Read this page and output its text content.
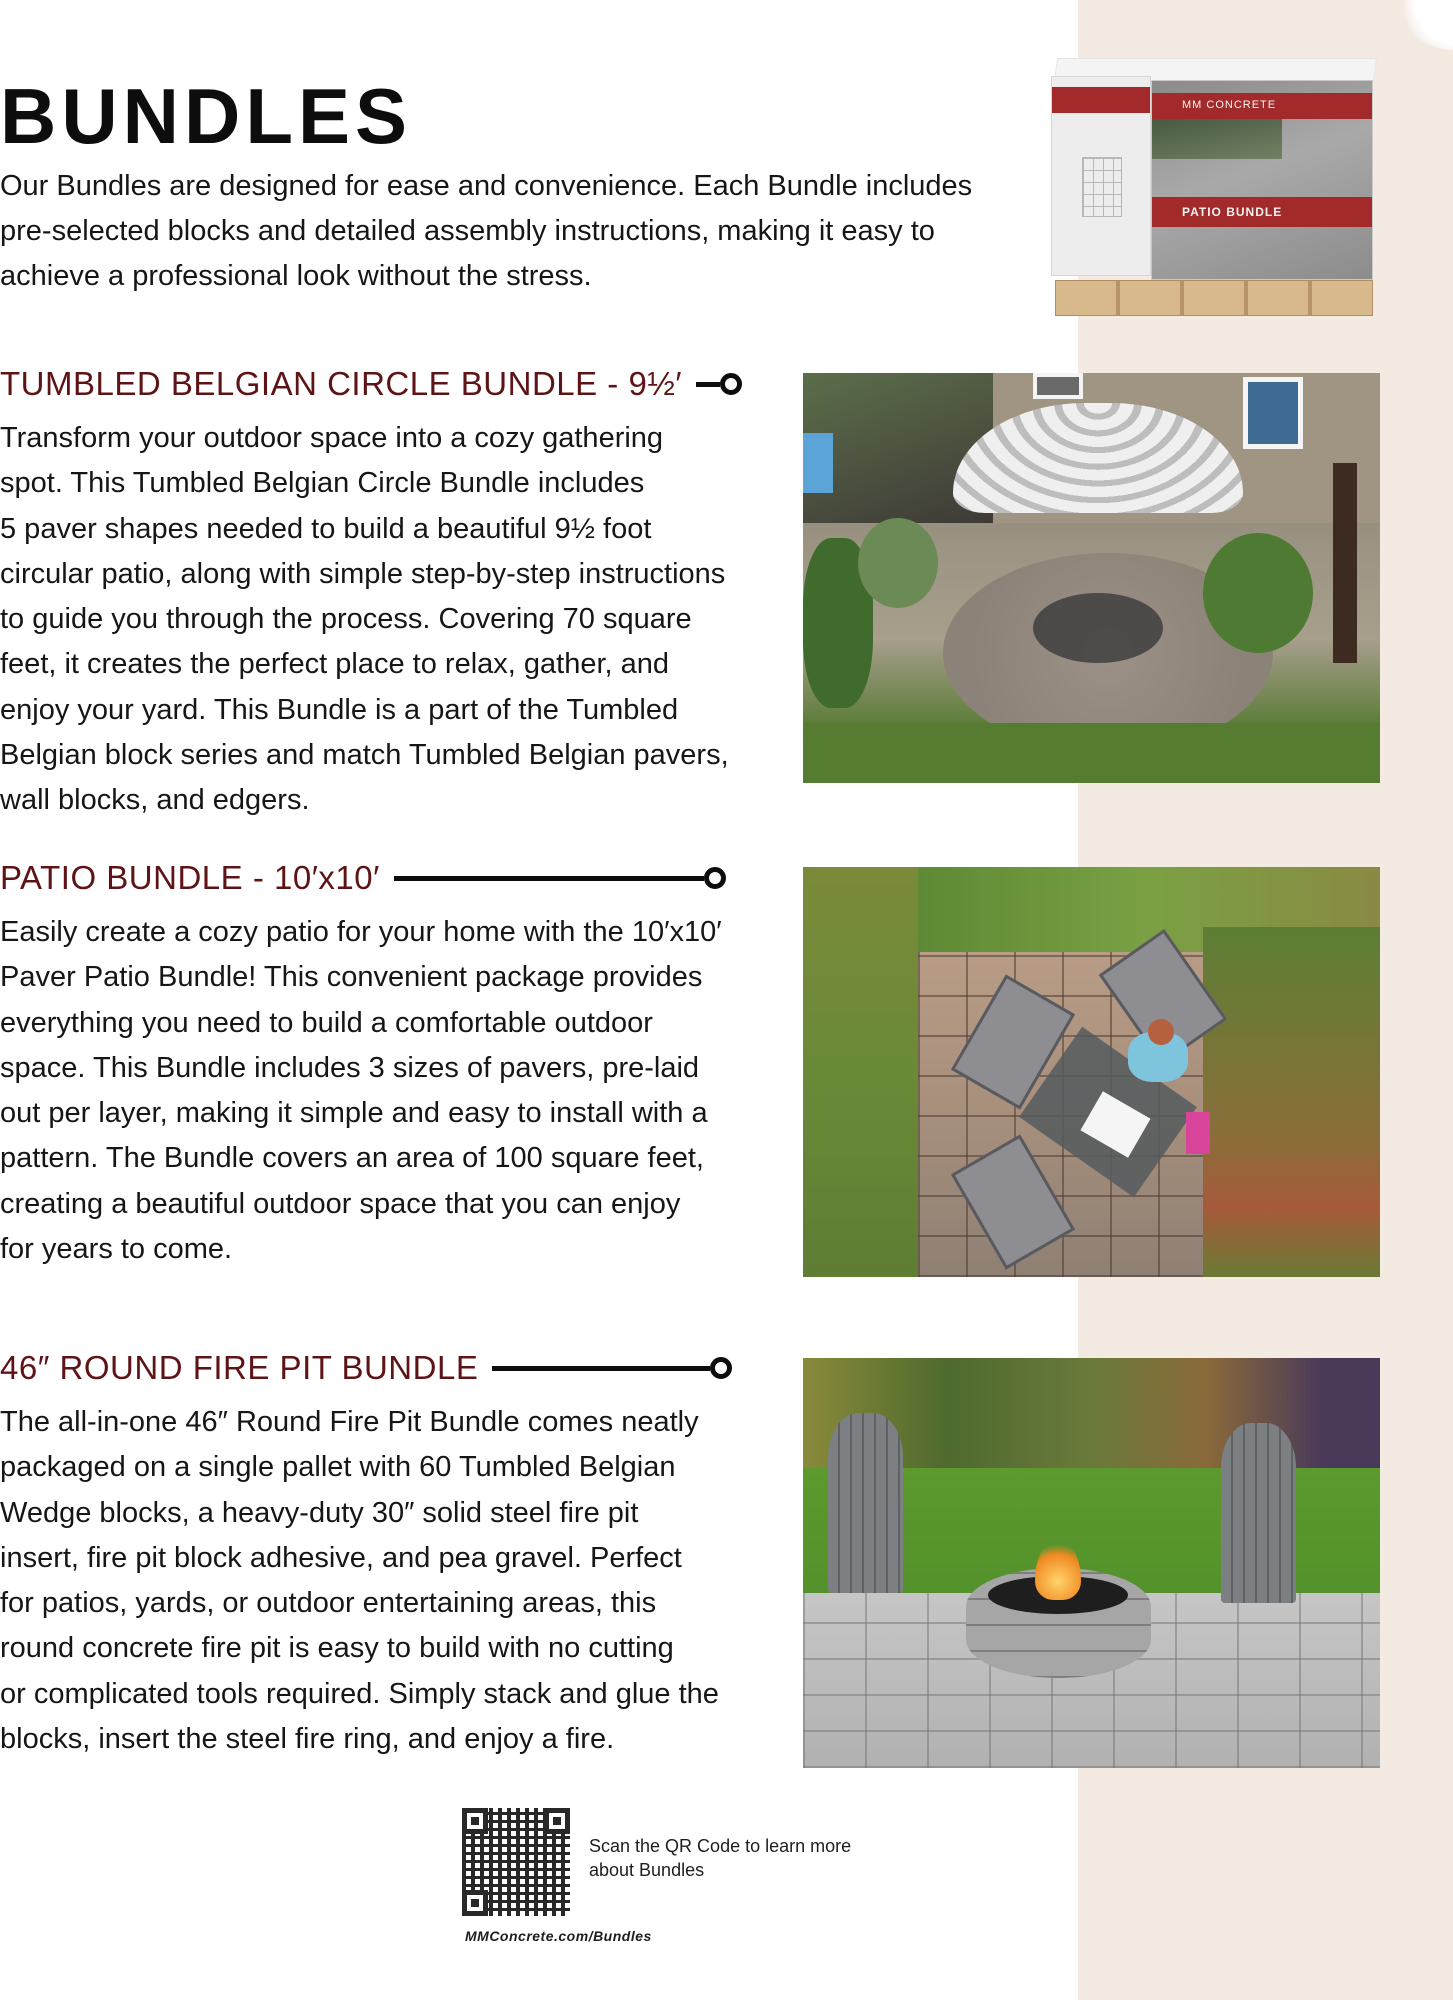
BUNDLES
Our Bundles are designed for ease and convenience. Each Bundle includes
pre-selected blocks and detailed assembly instructions, making it easy to
achieve a professional look without the stress.
MM CONCRETE
PATIO BUNDLE
TUMBLED BELGIAN CIRCLE BUNDLE - 9½′
Transform your outdoor space into a cozy gathering
spot. This Tumbled Belgian Circle Bundle includes
5 paver shapes needed to build a beautiful 9½ foot
circular patio, along with simple step-by-step instructions
to guide you through the process. Covering 70 square
feet, it creates the perfect place to relax, gather, and
enjoy your yard. This Bundle is a part of the Tumbled
Belgian block series and match Tumbled Belgian pavers,
wall blocks, and edgers.
PATIO BUNDLE - 10′x10′
Easily create a cozy patio for your home with the 10′x10′
Paver Patio Bundle! This convenient package provides
everything you need to build a comfortable outdoor
space. This Bundle includes 3 sizes of pavers, pre-laid
out per layer, making it simple and easy to install with a
pattern. The Bundle covers an area of 100 square feet,
creating a beautiful outdoor space that you can enjoy
for years to come.
46″ ROUND FIRE PIT BUNDLE
The all-in-one 46″ Round Fire Pit Bundle comes neatly
packaged on a single pallet with 60 Tumbled Belgian
Wedge blocks, a heavy-duty 30″ solid steel fire pit
insert, fire pit block adhesive, and pea gravel. Perfect
for patios, yards, or outdoor entertaining areas, this
round concrete fire pit is easy to build with no cutting
or complicated tools required. Simply stack and glue the
blocks, insert the steel fire ring, and enjoy a fire.
Scan the QR Code to learn more
about Bundles
MMConcrete.com/Bundles
